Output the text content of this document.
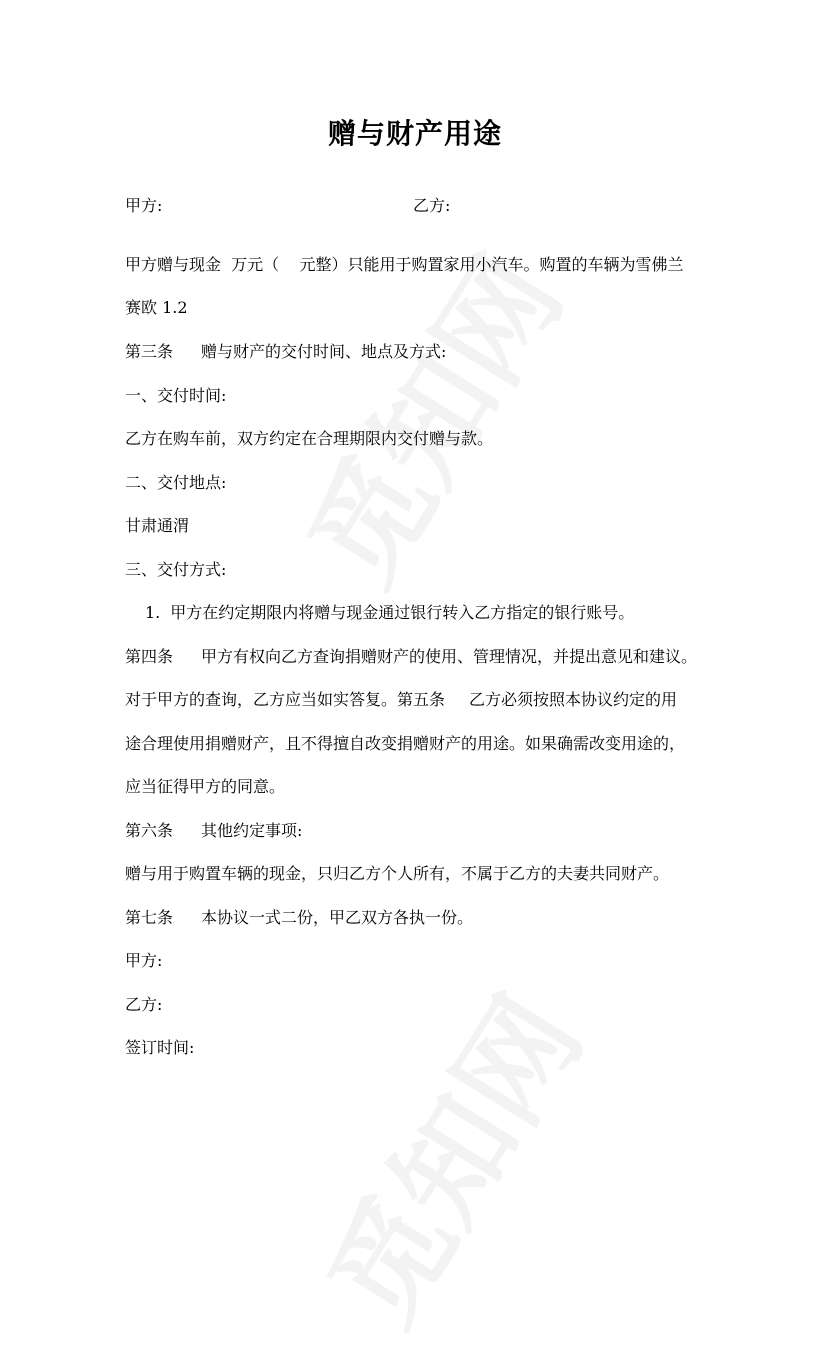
赠与财产用途
甲方:	乙方:
甲方赠与现金  万元（    元整）只能用于购置家用小汽车。购置的车辆为雪佛兰
赛欧 1.2
第三条 赠与财产的交付时间、地点及方式:
一、交付时间:
乙方在购车前，双方约定在合理期限内交付赠与款。
二、交付地点:
甘肃通渭
三、交付方式:
1. 甲方在约定期限内将赠与现金通过银行转入乙方指定的银行账号。
第四条 甲方有权向乙方查询捐赠财产的使用、管理情况，并提出意见和建议。
对于甲方的查询，乙方应当如实答复。第五条 乙方必须按照本协议约定的用
途合理使用捐赠财产，且不得擅自改变捐赠财产的用途。如果确需改变用途的，
应当征得甲方的同意。
第六条 其他约定事项:
赠与用于购置车辆的现金，只归乙方个人所有，不属于乙方的夫妻共同财产。
第七条 本协议一式二份，甲乙双方各执一份。
甲方:
乙方:
签订时间:
